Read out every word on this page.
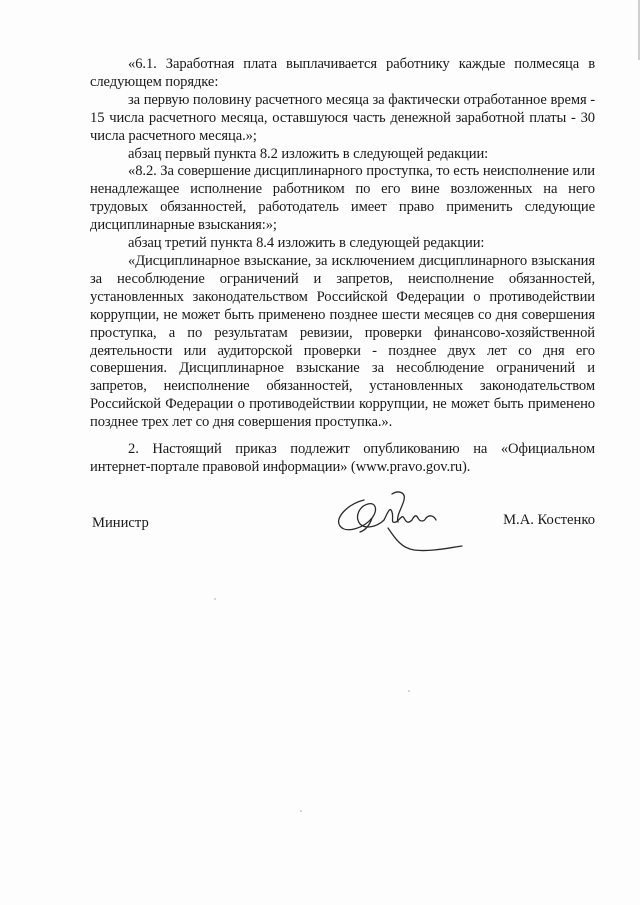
«6.1. Заработная плата выплачивается работнику каждые полмесяца в следующем порядке:

за первую половину расчетного месяца за фактически отработанное время - 15 числа расчетного месяца, оставшуюся часть денежной заработной платы - 30 числа расчетного месяца.»;

абзац первый пункта 8.2 изложить в следующей редакции:

«8.2. За совершение дисциплинарного проступка, то есть неисполнение или ненадлежащее исполнение работником по его вине возложенных на него трудовых обязанностей, работодатель имеет право применить следующие дисциплинарные взыскания:»;

абзац третий пункта 8.4 изложить в следующей редакции:

«Дисциплинарное взыскание, за исключением дисциплинарного взыскания за несоблюдение ограничений и запретов, неисполнение обязанностей, установленных законодательством Российской Федерации о противодействии коррупции, не может быть применено позднее шести месяцев со дня совершения проступка, а по результатам ревизии, проверки финансово-хозяйственной деятельности или аудиторской проверки - позднее двух лет со дня его совершения. Дисциплинарное взыскание за несоблюдение ограничений и запретов, неисполнение обязанностей, установленных законодательством Российской Федерации о противодействии коррупции, не может быть применено позднее трех лет со дня совершения проступка.».

2. Настоящий приказ подлежит опубликованию на «Официальном интернет-портале правовой информации» (www.pravo.gov.ru).

Министр	М.А. Костенко
